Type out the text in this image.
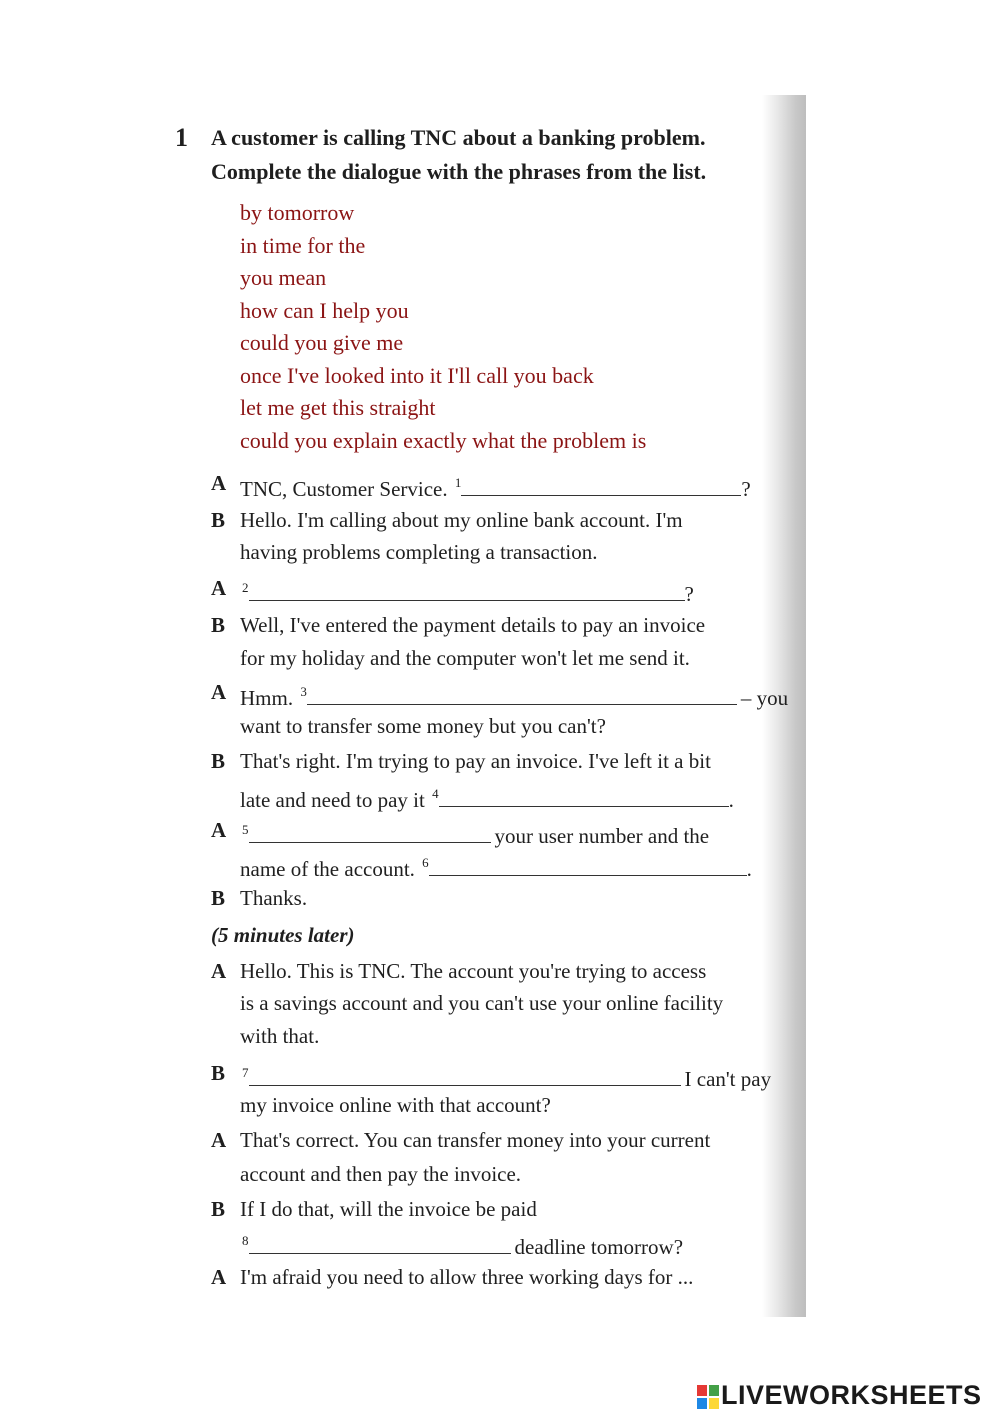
1 A customer is calling TNC about a banking problem.
Complete the dialogue with the phrases from the list.
by tomorrow
in time for the
you mean
how can I help you
could you give me
once I've looked into it I'll call you back
let me get this straight
could you explain exactly what the problem is
A TNC, Customer Service. $^1$	?
B Hello. I'm calling about my online bank account. I'm
having problems completing a transaction.
A $^2$	?
B Well, I've entered the payment details to pay an invoice
for my holiday and the computer won't let me send it.
A Hmm. $^3$	– you
want to transfer some money but you can't?
B That's right. I'm trying to pay an invoice. I've left it a bit
late and need to pay it $^4$	.
A $^5$	your user number and the
name of the account. $^6$	.
B Thanks.
(5 minutes later)
A Hello. This is TNC. The account you're trying to access
is a savings account and you can't use your online facility
with that.
B $^7$	I can't pay
my invoice online with that account?
A That's correct. You can transfer money into your current
account and then pay the invoice.
B If I do that, will the invoice be paid
$^8$	deadline tomorrow?
A I'm afraid you need to allow three working days for ...
LIVEWORKSHEETS
